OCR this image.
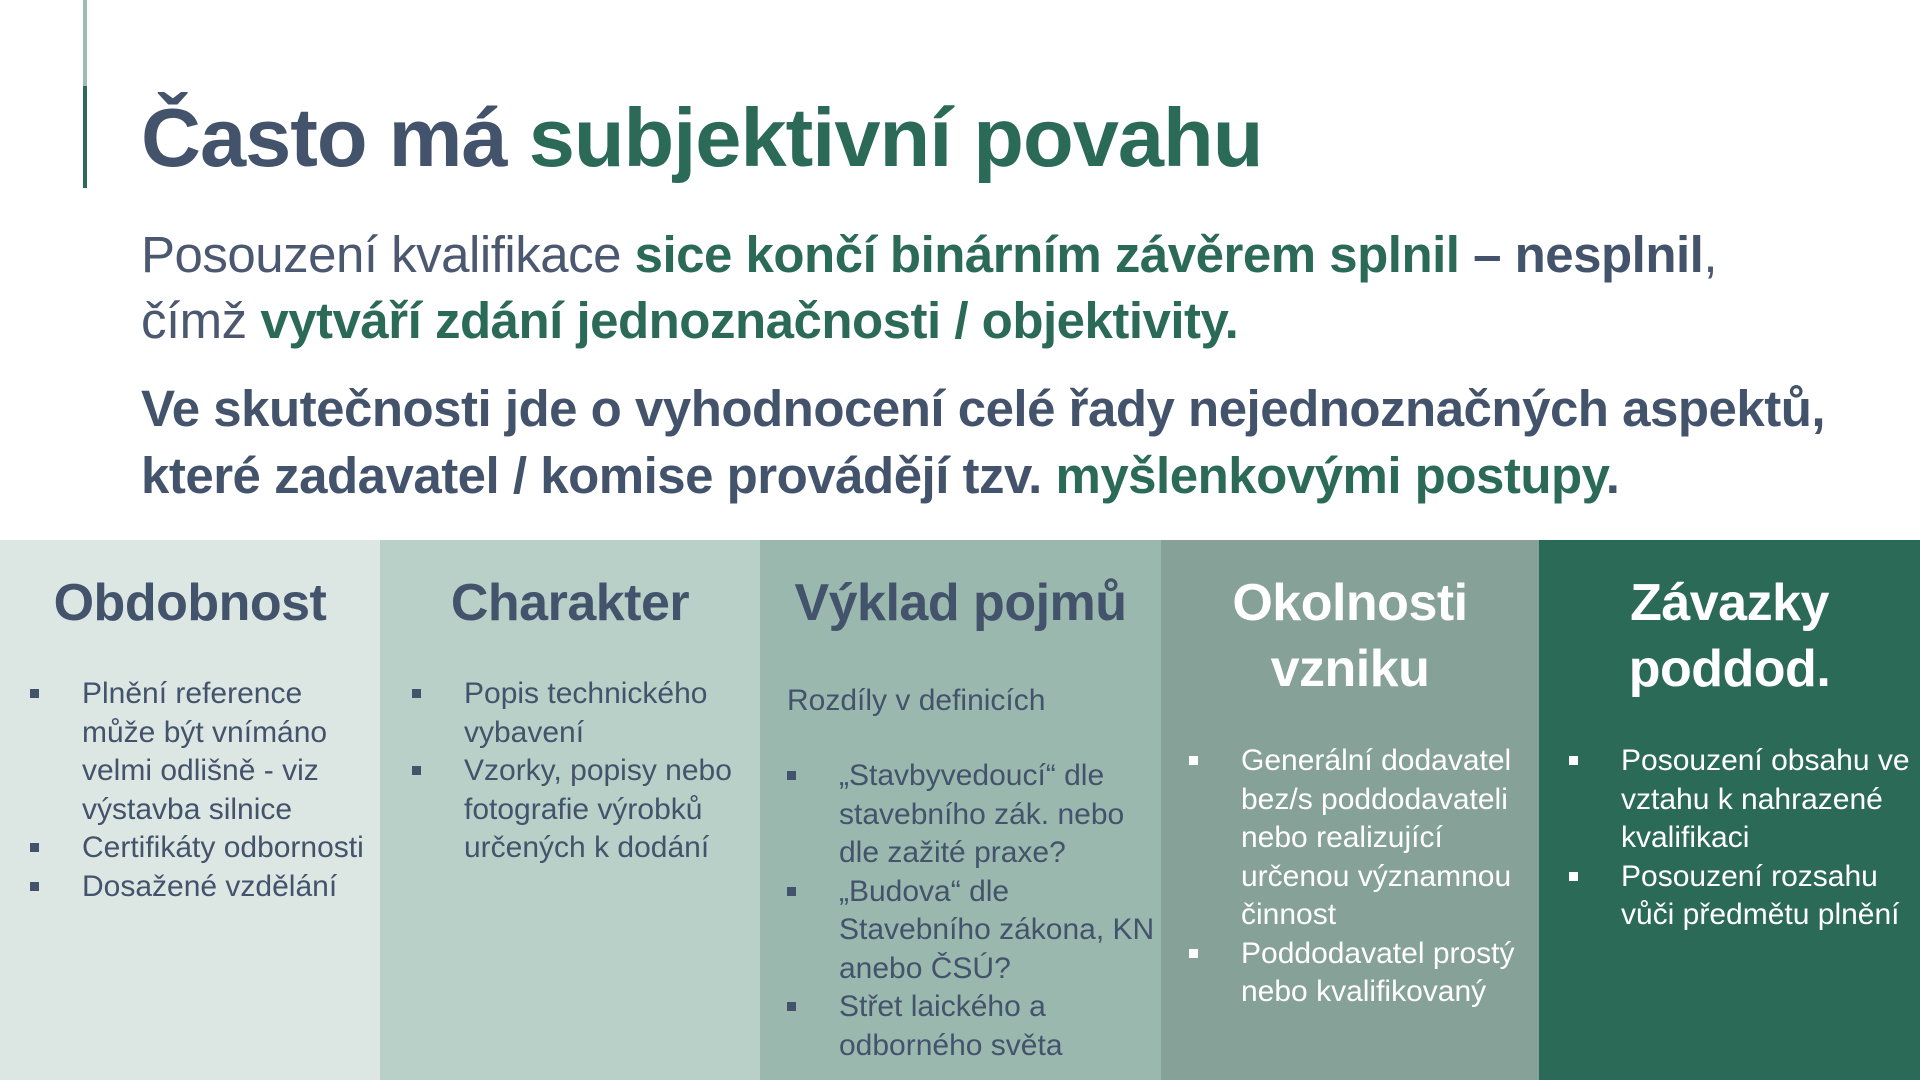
Často má subjektivní povahu

Posouzení kvalifikace sice končí binárním závěrem splnil – nesplnil,
čímž vytváří zdání jednoznačnosti / objektivity.

Ve skutečnosti jde o vyhodnocení celé řady nejednoznačných aspektů, které zadavatel / komise provádějí tzv. myšlenkovými postupy.

Obdobnost
Plnění reference může být vnímáno velmi odlišně - viz výstavba silnice
Certifikáty odbornosti
Dosažené vzdělání
Charakter
Popis technického vybavení
Vzorky, popisy nebo fotografie výrobků určených k dodání
Výklad pojmů
Rozdíly v definicích
„Stavbyvedoucí“ dle stavebního zák. nebo dle zažité praxe?
„Budova“ dle Stavebního zákona, KN anebo ČSÚ?
Střet laického a odborného světa
Okolnosti
vzniku
Generální dodavatel bez/s poddodavateli nebo realizující určenou významnou činnost
Poddodavatel prostý nebo kvalifikovaný
Závazky
poddod.
Posouzení obsahu ve vztahu k nahrazené kvalifikaci
Posouzení rozsahu vůči předmětu plnění
